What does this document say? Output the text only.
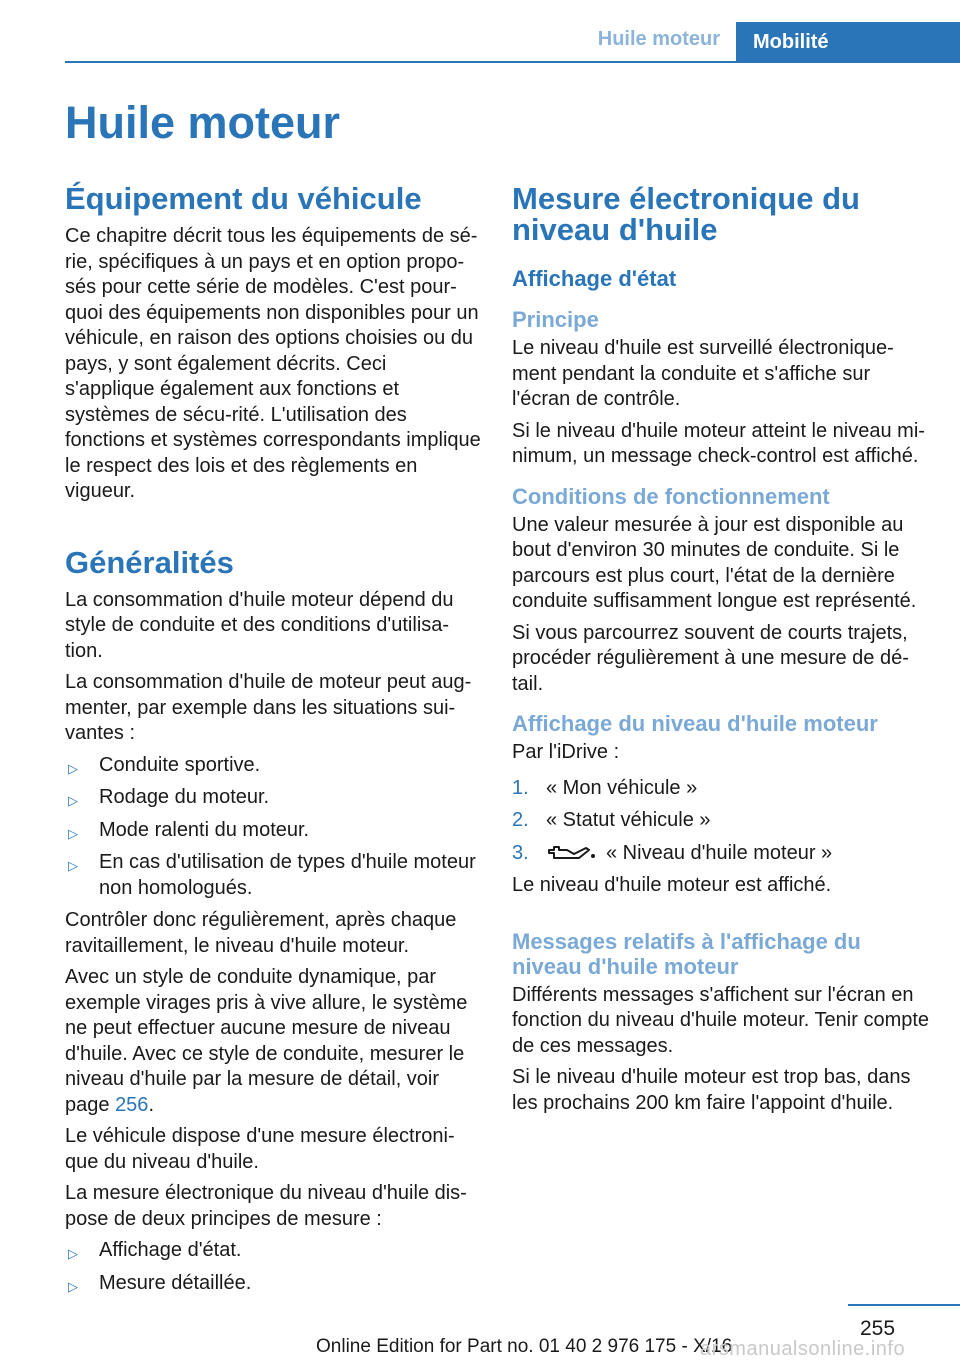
Huile moteur	Mobilité
Huile moteur
Équipement du véhicule

Ce chapitre décrit tous les équipements de sé-rie, spécifiques à un pays et en option propo-sés pour cette série de modèles. C'est pour-quoi des équipements non disponibles pour un véhicule, en raison des options choisies ou du pays, y sont également décrits. Ceci s'applique également aux fonctions et systèmes de sécu-rité. L'utilisation des fonctions et systèmes correspondants implique le respect des lois et des règlements en vigueur.

Généralités

La consommation d'huile moteur dépend du style de conduite et des conditions d'utilisa-tion.

La consommation d'huile de moteur peut aug-menter, par exemple dans les situations sui-vantes :

▷ Conduite sportive.
▷ Rodage du moteur.
▷ Mode ralenti du moteur.
▷ En cas d'utilisation de types d'huile moteur non homologués.

Contrôler donc régulièrement, après chaque ravitaillement, le niveau d'huile moteur.

Avec un style de conduite dynamique, par exemple virages pris à vive allure, le système ne peut effectuer aucune mesure de niveau d'huile. Avec ce style de conduite, mesurer le niveau d'huile par la mesure de détail, voir page 256.

Le véhicule dispose d'une mesure électroni-que du niveau d'huile.

La mesure électronique du niveau d'huile dis-pose de deux principes de mesure :

▷ Affichage d'état.
▷ Mesure détaillée.
Mesure électronique du niveau d'huile
Affichage d'état
Principe

Le niveau d'huile est surveillé électronique-ment pendant la conduite et s'affiche sur l'écran de contrôle.

Si le niveau d'huile moteur atteint le niveau mi-nimum, un message check-control est affiché.

Conditions de fonctionnement

Une valeur mesurée à jour est disponible au bout d'environ 30 minutes de conduite. Si le parcours est plus court, l'état de la dernière conduite suffisamment longue est représenté.

Si vous parcourrez souvent de courts trajets, procéder régulièrement à une mesure de dé-tail.

Affichage du niveau d'huile moteur

Par l'iDrive :

1. « Mon véhicule »
2. « Statut véhicule »
3.	« Niveau d'huile moteur »

Le niveau d'huile moteur est affiché.

Messages relatifs à l'affichage du niveau d'huile moteur

Différents messages s'affichent sur l'écran en fonction du niveau d'huile moteur. Tenir compte de ces messages.

Si le niveau d'huile moteur est trop bas, dans les prochains 200 km faire l'appoint d'huile.

255
Online Edition for Part no. 01 40 2 976 175 - X/16
arsmanualsonline.info
